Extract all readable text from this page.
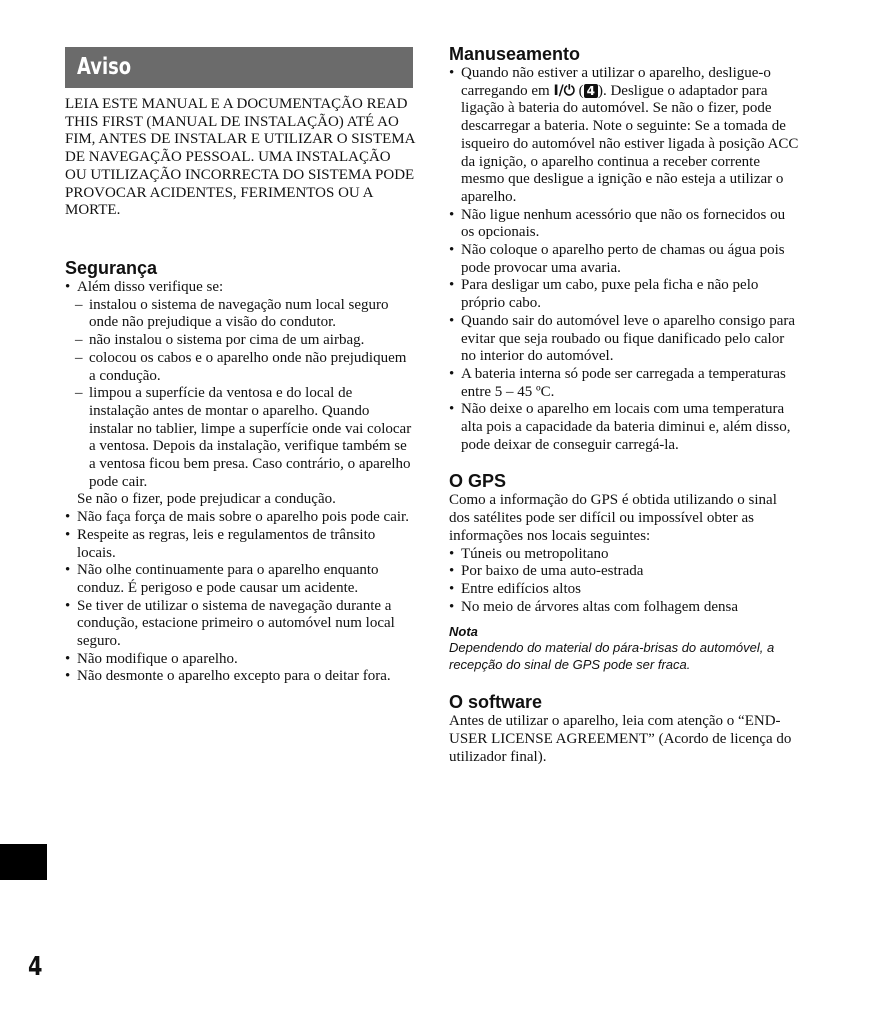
Aviso
LEIA ESTE MANUAL E A DOCUMENTAÇÃO READ THIS FIRST (MANUAL DE INSTALAÇÃO) ATÉ AO FIM, ANTES DE INSTALAR E UTILIZAR O SISTEMA DE NAVEGAÇÃO PESSOAL. UMA INSTALAÇÃO OU UTILIZAÇÃO INCORRECTA DO SISTEMA PODE PROVOCAR ACIDENTES, FERIMENTOS OU A MORTE.
Segurança
• Além disso verifique se:
– instalou o sistema de navegação num local seguro onde não prejudique a visão do condutor.
– não instalou o sistema por cima de um airbag.
– colocou os cabos e o aparelho onde não prejudiquem a condução.
– limpou a superfície da ventosa e do local de instalação antes de montar o aparelho. Quando instalar no tablier, limpe a superfície onde vai colocar a ventosa. Depois da instalação, verifique também se a ventosa ficou bem presa. Caso contrário, o aparelho pode cair.
Se não o fizer, pode prejudicar a condução.
• Não faça força de mais sobre o aparelho pois pode cair.
• Respeite as regras, leis e regulamentos de trânsito locais.
• Não olhe continuamente para o aparelho enquanto conduz. É perigoso e pode causar um acidente.
• Se tiver de utilizar o sistema de navegação durante a condução, estacione primeiro o automóvel num local seguro.
• Não modifique o aparelho.
• Não desmonte o aparelho excepto para o deitar fora.
Manuseamento
• Quando não estiver a utilizar o aparelho, desligue-o carregando em I/⏻ ( 4 ). Desligue o adaptador para ligação à bateria do automóvel. Se não o fizer, pode descarregar a bateria. Note o seguinte: Se a tomada de isqueiro do automóvel não estiver ligada à posição ACC da ignição, o aparelho continua a receber corrente mesmo que desligue a ignição e não esteja a utilizar o aparelho.
• Não ligue nenhum acessório que não os fornecidos ou os opcionais.
• Não coloque o aparelho perto de chamas ou água pois pode provocar uma avaria.
• Para desligar um cabo, puxe pela ficha e não pelo próprio cabo.
• Quando sair do automóvel leve o aparelho consigo para evitar que seja roubado ou fique danificado pelo calor no interior do automóvel.
• A bateria interna só pode ser carregada a temperaturas entre 5 – 45 ºC.
• Não deixe o aparelho em locais com uma temperatura alta pois a capacidade da bateria diminui e, além disso, pode deixar de conseguir carregá-la.
O GPS
Como a informação do GPS é obtida utilizando o sinal dos satélites pode ser difícil ou impossível obter as informações nos locais seguintes:
• Túneis ou metropolitano
• Por baixo de uma auto-estrada
• Entre edifícios altos
• No meio de árvores altas com folhagem densa
Nota
Dependendo do material do pára-brisas do automóvel, a recepção do sinal de GPS pode ser fraca.
O software
Antes de utilizar o aparelho, leia com atenção o “END-USER LICENSE AGREEMENT” (Acordo de licença do utilizador final).
4
